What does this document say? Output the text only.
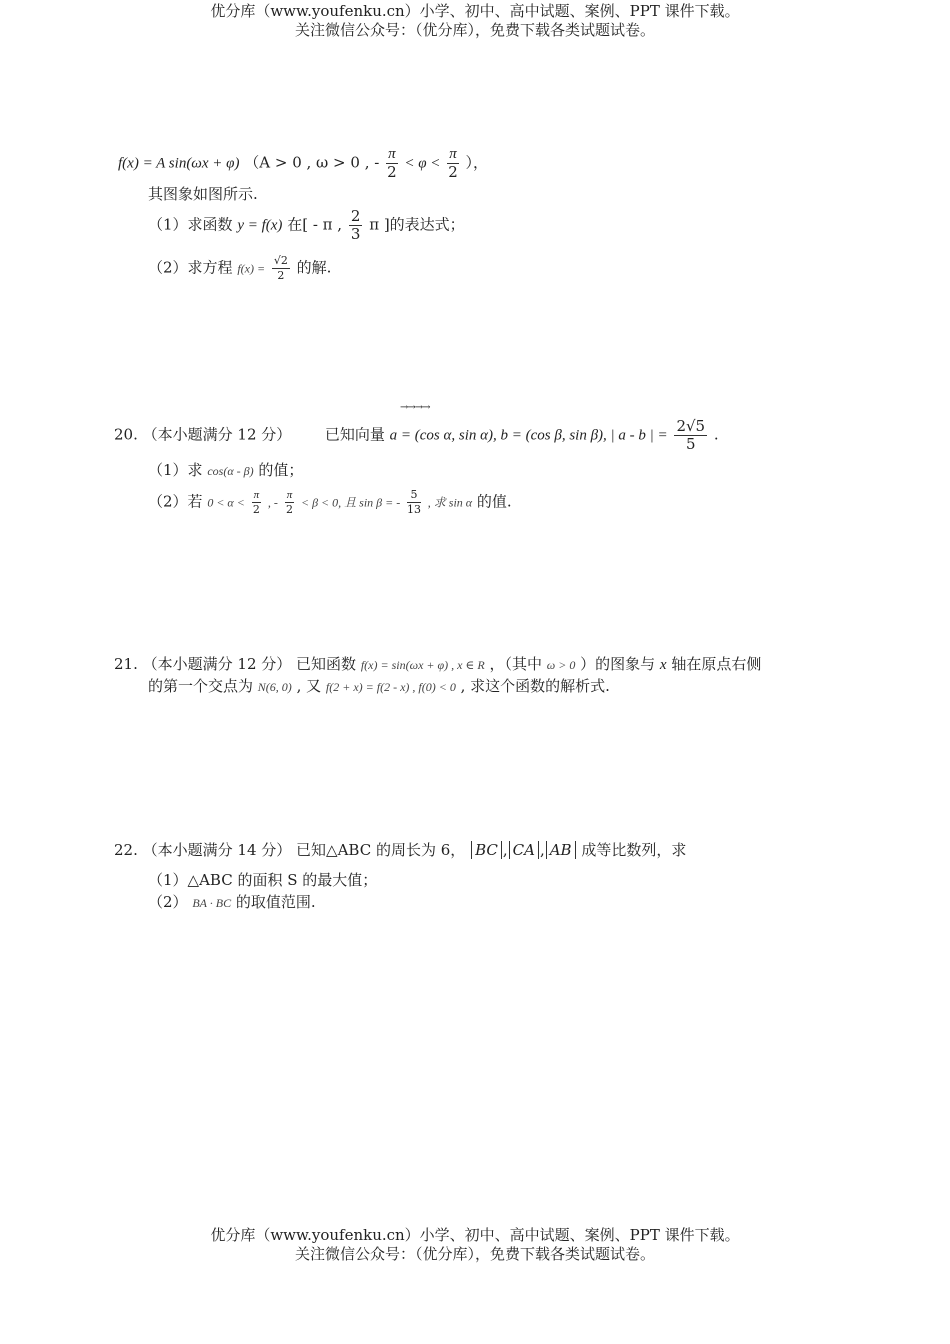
优分库（www.youfenku.cn）小学、初中、高中试题、案例、PPT 课件下载。
关注微信公众号：（优分库），免费下载各类试题试卷。
f(x) = A sin(ωx + φ) （A > 0 , ω > 0 , - $\frac{\pi}{2} < \varphi < \frac{\pi}{2}$ ），
其图象如图所示.
（1）求函数 y = f(x) 在[ - π , $\frac{2}{3}$ π ]的表达式；
（2）求方程 $f(x) = \frac{√2}{2}$ 的解.
→→→→
20. （本小题满分 12 分） 已知向量 a = (cos α, sin α), b = (cos β, sin β), | a - b | = $\frac{2√5}{5}$ .
（1）求 cos(α - β) 的值；
（2）若 $0 < \alpha < \frac{\pi}{2}$ , - $\frac{\pi}{2} < \beta < 0$, 且 sin β = - $\frac{5}{13}$ , 求 sin α 的值.
21. （本小题满分 12 分） 已知函数 f(x) = sin(ωx + φ) , x ∈ R ，（其中 ω > 0 ）的图象与 x 轴在原点右侧
的第一个交点为 N(6, 0) , 又 f(2 + x) = f(2 - x) , f(0) < 0 , 求这个函数的解析式.
22. （本小题满分 14 分） 已知△ABC 的周长为 6， BC , CA , AB 成等比数列，求
（1）△ABC 的面积 S 的最大值；
（2） BA · BC 的取值范围.
优分库（www.youfenku.cn）小学、初中、高中试题、案例、PPT 课件下载。
关注微信公众号：（优分库），免费下载各类试题试卷。
